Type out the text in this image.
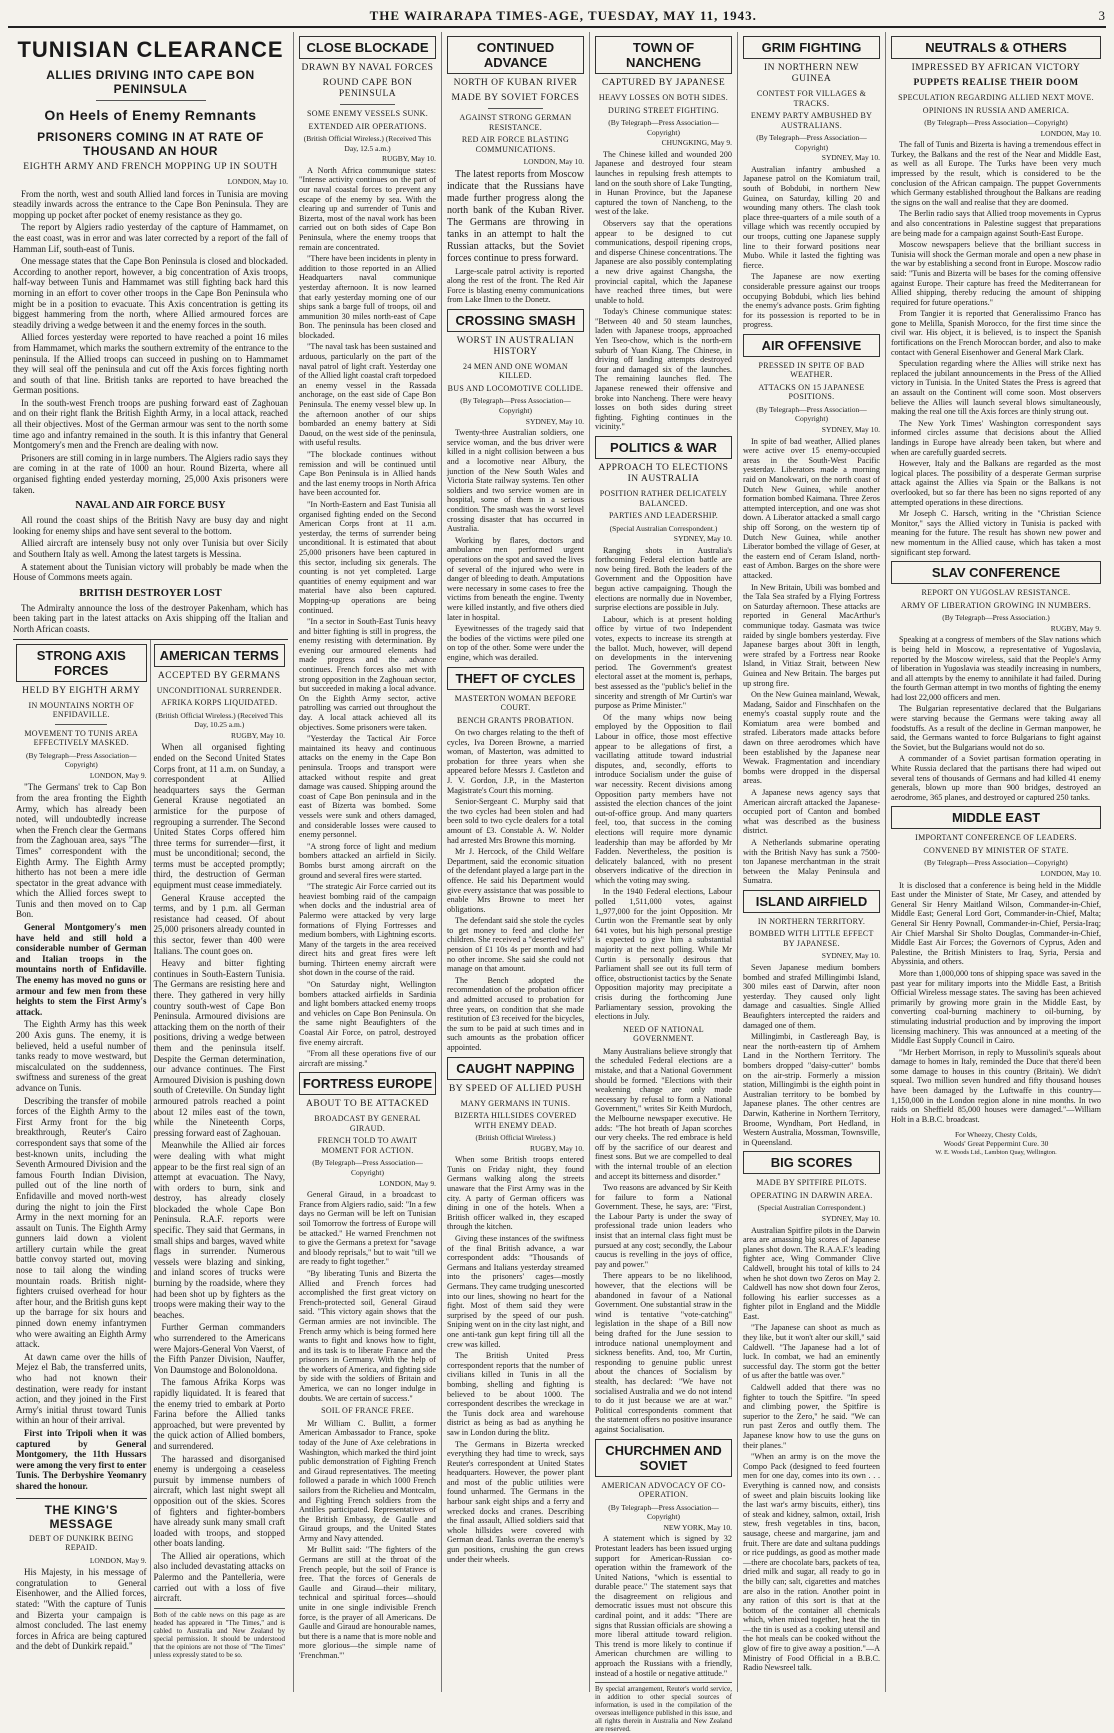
THE WAIRARAPA TIMES-AGE, TUESDAY, MAY 11, 1943.	3
TUNISIAN CLEARANCE
ALLIES DRIVING INTO CAPE BON PENINSULA
On Heels of Enemy Remnants
PRISONERS COMING IN AT RATE OF THOUSAND AN HOUR
EIGHTH ARMY AND FRENCH MOPPING UP IN SOUTH
LONDON, May 10.

From the north, west and south Allied land forces in Tunisia are moving steadily inwards across the entrance to the Cape Bon Peninsula. They are mopping up pocket after pocket of enemy resistance as they go.

The report by Algiers radio yesterday of the capture of Hammamet, on the east coast, was in error and was later corrected by a report of the fall of Hamman Lif, south-east of Tunis.

One message states that the Cape Bon Peninsula is closed and blockaded. According to another report, however, a big concentration of Axis troops, half-way between Tunis and Hammamet was still fighting back hard this morning in an effort to cover other troops in the Cape Bon Peninsula who might be in a position to evacuate. This Axis concentration is getting its biggest hammering from the north, where Allied armoured forces are steadily driving a wedge between it and the enemy forces in the south.

Allied forces yesterday were reported to have reached a point 16 miles from Hammamet, which marks the southern extremity of the entrance to the peninsula. If the Allied troops can succeed in pushing on to Hammamet they will seal off the peninsula and cut off the Axis forces fighting north and south of that line. British tanks are reported to have breached the German positions.

In the south-west French troops are pushing forward east of Zaghouan and on their right flank the British Eighth Army, in a local attack, reached all their objectives. Most of the German armour was sent to the north some time ago and infantry remained in the south. It is this infantry that General Montgomery's men and the French are dealing with now.

Prisoners are still coming in in large numbers. The Algiers radio says they are coming in at the rate of 1000 an hour. Round Bizerta, where all organised fighting ended yesterday morning, 25,000 Axis prisoners were taken.

NAVAL AND AIR FORCE BUSY

All round the coast ships of the British Navy are busy day and night looking for enemy ships and have sent several to the bottom.

Allied aircraft are intensely busy not only over Tunisia but over Sicily and Southern Italy as well. Among the latest targets is Messina.

A statement about the Tunisian victory will probably be made when the House of Commons meets again.

BRITISH DESTROYER LOST

The Admiralty announce the loss of the destroyer Pakenham, which has been taking part in the latest attacks on Axis shipping off the Italian and North African coasts.

STRONG AXIS FORCES
HELD BY EIGHTH ARMY
IN MOUNTAINS NORTH OF ENFIDAVILLE.
MOVEMENT TO TUNIS AREA EFFECTIVELY MASKED.
(By Telegraph—Press Association—Copyright)
LONDON, May 9.

"The Germans' trek to Cap Bon from the area fronting the Eighth Army, which has already been noted, will undoubtedly increase when the French clear the Germans from the Zaghouan area, says "The Times" correspondent with the Eighth Army. The Eighth Army hitherto has not been a mere idle spectator in the great advance with which the Allied forces swept to Tunis and then moved on to Cap Bon.

General Montgomery's men have held and still hold a considerable number of German and Italian troops in the mountains north of Enfidaville. The enemy has moved no guns or armour and few men from these heights to stem the First Army's attack.

The Eighth Army has this week 200 Axis guns. The enemy, it is believed, held a useful number of tanks ready to move westward, but miscalculated on the suddenness, swiftness and sureness of the great advance on Tunis.

Describing the transfer of mobile forces of the Eighth Army to the First Army front for the big breakthrough, Reuter's Cairo correspondent says that some of the best-known units, including the Seventh Armoured Division and the famous Fourth Indian Division, pulled out of the line north of Enfidaville and moved north-west during the night to join the First Army in the next morning for an assault on Tunis. The Eighth Army gunners laid down a violent artillery curtain while the great battle convoy started out, moving nose to tail along the winding mountain roads. British night-fighters cruised overhead for hour after hour, and the British guns kept up the barrage for six hours and pinned down enemy infantrymen who were awaiting an Eighth Army attack.

At dawn came over the hills of Mejez el Bab, the transferred units, who had not known their destination, were ready for instant action, and they joined in the First Army's initial thrust toward Tunis within an hour of their arrival.

First into Tripoli when it was captured by General Montgomery, the 11th Hussars were among the very first to enter Tunis. The Derbyshire Yeomanry shared the honour.

THE KING'S MESSAGE
DEBT OF DUNKIRK BEING REPAID.
LONDON, May 9.

His Majesty, in his message of congratulation to General Eisenhower, and the Allied forces, stated: "With the capture of Tunis and Bizerta your campaign is almost concluded. The last enemy forces in Africa are being captured and the debt of Dunkirk repaid."

AMERICAN TERMS
ACCEPTED BY GERMANS
UNCONDITIONAL SURRENDER.
AFRIKA KORPS LIQUIDATED.
(British Official Wireless.) (Received This Day, 10.25 a.m.)
RUGBY, May 10.

When all organised fighting ended on the Second United States Corps front, at 11 a.m. on Sunday, a correspondent at Allied headquarters says the German General Krause negotiated an armistice for the purpose of regrouping a surrender. The Second United States Corps offered him three terms for surrender—first, it must be unconditional; second, the terms must be accepted promptly; third, the destruction of German equipment must cease immediately.

General Krause accepted the terms, and by 1 p.m. all German resistance had ceased. Of about 25,000 prisoners already counted in this sector, fewer than 400 were Italians. The count goes on.

Heavy and bitter fighting continues in South-Eastern Tunisia. The Germans are resisting here and there. They gathered in very hilly country south-west of Cape Bon Peninsula. Armoured divisions are attacking them on the north of their positions, driving a wedge between them and the peninsula itself. Despite the German determination, our advance continues. The First Armoured Division is pushing down south of Creteville. On Sunday light armoured patrols reached a point about 12 miles east of the town, while the Nineteenth Corps, pressing forward east of Zaghouan.

Meanwhile the Allied air forces were dealing with what might appear to be the first real sign of an attempt at evacuation. The Navy, with orders to burn, sink and destroy, has already closely blockaded the whole Cape Bon Peninsula. R.A.F. reports were specific. They said that Germans, in small ships and barges, waved white flags in surrender. Numerous vessels were blazing and sinking, and inland scores of trucks were burning by the roadside, where they had been shot up by fighters as the troops were making their way to the beaches.

Further German commanders who surrendered to the Americans were Majors-General Von Vaerst, of the Fifth Panzer Division, Nauffer, Von Daumstoge and Bolonoldona.

The famous Afrika Korps was rapidly liquidated. It is feared that the enemy tried to embark at Porto Farina before the Allied tanks approached, but were prevented by the quick action of Allied bombers, and surrendered.

The harassed and disorganised enemy is undergoing a ceaseless pursuit by immense numbers of aircraft, which last night swept all opposition out of the skies. Scores of fighters and fighter-bombers have already sunk many small craft loaded with troops, and stopped other boats landing.

The Allied air operations, which also included devastating attacks on Palermo and the Pantelleria, were carried out with a loss of five aircraft.

Both of the cable news on this page as are headed has appeared in "The Times," and is cabled to Australia and New Zealand by special permission. It should be understood that the opinions are not those of "The Times" unless expressly stated to be so.
CLOSE BLOCKADE
DRAWN BY NAVAL FORCES
ROUND CAPE BON PENINSULA
SOME ENEMY VESSELS SUNK.
EXTENDED AIR OPERATIONS.
(British Official Wireless.) (Received This Day, 12.5 a.m.)
RUGBY, May 10.

A North Africa communique states: "Intense activity continues on the part of our naval coastal forces to prevent any escape of the enemy by sea. With the clearing up and surrender of Tunis and Bizerta, most of the naval work has been carried out on both sides of Cape Bon Peninsula, where the enemy troops that remain are concentrated.

"There have been incidents in plenty in addition to those reported in an Allied Headquarters naval communique yesterday afternoon. It is now learned that early yesterday morning one of our ships sank a barge full of troops, oil and ammunition 30 miles north-east of Cape Bon. The peninsula has been closed and blockaded.

"The naval task has been sustained and arduous, particularly on the part of the naval patrol of light craft. Yesterday one of the Allied light coastal craft torpedoed an enemy vessel in the Rassada anchorage, on the east side of Cape Bon Peninsula. The enemy vessel blew up. In the afternoon another of our ships bombarded an enemy battery at Sidi Daoud, on the west side of the peninsula, with useful results.

"The blockade continues without remission and will be continued until Cape Bon Peninsula is in Allied hands and the last enemy troops in North Africa have been accounted for.

"In North-Eastern and East Tunisia all organised fighting ended on the Second American Corps front at 11 a.m. yesterday, the terms of surrender being unconditional. It is estimated that about 25,000 prisoners have been captured in this sector, including six generals. The counting is not yet completed. Large quantities of enemy equipment and war material have also been captured. Mopping-up operations are being continued.

"In a sector in South-East Tunis heavy and bitter fighting is still in progress, the enemy resisting with determination. By evening our armoured elements had made progress and the advance continues. French forces also met with strong opposition in the Zaghouan sector, but succeeded in making a local advance. On the Eighth Army sector, active patrolling was carried out throughout the day. A local attack achieved all its objectives. Some prisoners were taken.

"Yesterday the Tactical Air Force maintained its heavy and continuous attacks on the enemy in the Cape Bon peninsula. Troops and transport were attacked without respite and great damage was caused. Shipping around the coast of Cape Bon peninsula and in the east of Bizerta was bombed. Some vessels were sunk and others damaged, and considerable losses were caused to enemy personnel.

"A strong force of light and medium bombers attacked an airfield in Sicily. Bombs burst among aircraft on the ground and several fires were started.

"The strategic Air Force carried out its heaviest bombing raid of the campaign when docks and the industrial area of Palermo were attacked by very large formations of Flying Fortresses and medium bombers, with Lightning escorts. Many of the targets in the area received direct hits and great fires were left burning. Thirteen enemy aircraft were shot down in the course of the raid.

"On Saturday night, Wellington bombers attacked airfields in Sardinia and light bombers attacked enemy troops and vehicles on Cape Bon Peninsula. On the same night Beaufighters of the Coastal Air Force, on patrol, destroyed five enemy aircraft.

"From all these operations five of our aircraft are missing."

FORTRESS EUROPE
ABOUT TO BE ATTACKED
BROADCAST BY GENERAL GIRAUD.
FRENCH TOLD TO AWAIT MOMENT FOR ACTION.
(By Telegraph—Press Association—Copyright)
LONDON, May 9.

General Giraud, in a broadcast to France from Algiers radio, said: "In a few days no German will be left on Tunisian soil Tomorrow the fortress of Europe will be attacked." He warned Frenchmen not to give the Germans a pretext for "savage and bloody reprisals," but to wait "till we are ready to fight together."

"By liberating Tunis and Bizerta the Allied and French forces had accomplished the first great victory on French-protected soil, General Giraud said. "This victory again shows that the German armies are not invincible. The French army which is being formed here wants to fight and knows how to fight, and its task is to liberate France and the prisoners in Germany. With the help of the workers of America, and fighting side by side with the soldiers of Britain and America, we can no longer indulge in doubts. We are certain of success."

SOIL OF FRANCE FREE.

Mr William C. Bullitt, a former American Ambassador to France, spoke today of the June of Axe celebrations in Washington, which marked the third joint public demonstration of Fighting French and Giraud representatives. The meeting followed a parade in which 1000 French sailors from the Richelieu and Montcalm, and Fighting French soldiers from the Antilles participated. Representatives of the British Embassy, de Gaulle and Giraud groups, and the United States Army and Navy attended.

Mr Bullitt said: "The fighters of the Germans are still at the throat of the French people, but the soil of France is free. That the forces of Generals de Gaulle and Giraud—their military, technical and spiritual forces—should unite in one single indivisible French force, is the prayer of all Americans. De Gaulle and Giraud are honourable names, but there is a name that is more noble and more glorious—the simple name of 'Frenchman.'"

CONTINUED ADVANCE
NORTH OF KUBAN RIVER
MADE BY SOVIET FORCES
AGAINST STRONG GERMAN RESISTANCE.
RED AIR FORCE BLASTING COMMUNICATIONS.
LONDON, May 10.

The latest reports from Moscow indicate that the Russians have made further progress along the north bank of the Kuban River. The Germans are throwing in tanks in an attempt to halt the Russian attacks, but the Soviet forces continue to press forward.

Large-scale patrol activity is reported along the rest of the front. The Red Air Force is blasting enemy communications from Lake Ilmen to the Donetz.

CROSSING SMASH
WORST IN AUSTRALIAN HISTORY
24 MEN AND ONE WOMAN KILLED.
BUS AND LOCOMOTIVE COLLIDE.
(By Telegraph—Press Association—Copyright)
SYDNEY, May 10.

Twenty-three Australian soldiers, one service woman, and the bus driver were killed in a night collision between a bus and a locomotive near Albury, the junction of the New South Wales and Victoria State railway systems. Ten other soldiers and two service women are in hospital, some of them in a serious condition. The smash was the worst level crossing disaster that has occurred in Australia.

Working by flares, doctors and ambulance men performed urgent operations on the spot and saved the lives of several of the injured who were in danger of bleeding to death. Amputations were necessary in some cases to free the victims from beneath the engine. Twenty were killed instantly, and five others died later in hospital.

Eyewitnesses of the tragedy said that the bodies of the victims were piled one on top of the other. Some were under the engine, which was derailed.

THEFT OF CYCLES
MASTERTON WOMAN BEFORE COURT.
BENCH GRANTS PROBATION.

On two charges relating to the theft of cycles, Iva Doreen Browne, a married woman, of Masterton, was admitted to probation for three years when she appeared before Messrs J. Castleton and J. V. Gordon, J.P., in the Masterton Magistrate's Court this morning.

Senior-Sergeant C. Murphy said that the two cycles had been stolen and had been sold to two cycle dealers for a total amount of £3. Constable A. W. Nolder had arrested Mrs Browne this morning.

Mr J. Hercock, of the Child Welfare Department, said the economic situation of the defendant played a large part in the offence. He said his Department would give every assistance that was possible to enable Mrs Browne to meet her obligations.

The defendant said she stole the cycles to get money to feed and clothe her children. She received a "deserted wife's" pension of £1 10s 4s per month and had no other income. She said she could not manage on that amount.

The Bench adopted the recommendation of the probation officer and admitted accused to probation for three years, on condition that she made restitution of £3 received for the bicycles, the sum to be paid at such times and in such amounts as the probation officer appointed.

CAUGHT NAPPING
BY SPEED OF ALLIED PUSH
MANY GERMANS IN TUNIS.
BIZERTA HILLSIDES COVERED WITH ENEMY DEAD.
(British Official Wireless.)
RUGBY, May 10.

When some British troops entered Tunis on Friday night, they found Germans walking along the streets unaware that the First Army was in the city. A party of German officers was dining in one of the hotels. When a British officer walked in, they escaped through the kitchen.

Giving these instances of the swiftness of the final British advance, a war correspondent adds: "Thousands of Germans and Italians yesterday streamed into the prisoners' cages—mostly Germans. They came trudging unescorted into our lines, showing no heart for the fight. Most of them said they were surprised by the speed of our push. Sniping went on in the city last night, and one anti-tank gun kept firing till all the crew was killed.

The British United Press correspondent reports that the number of civilians killed in Tunis in all the bombing, shelling and fighting is believed to be about 1000. The correspondent describes the wreckage in the Tunis dock area and warehouse district as being as bad as anything he saw in London during the blitz.

The Germans in Bizerta wrecked everything they had time to wreck, says Reuter's correspondent at United States headquarters. However, the power plant and most of the public utilities were found unharmed. The Germans in the harbour sank eight ships and a ferry and wrecked docks and cranes. Describing the final assault, Allied soldiers said that whole hillsides were covered with German dead. Tanks overran the enemy's gun positions, crushing the gun crews under their wheels.

TOWN OF NANCHENG
CAPTURED BY JAPANESE
HEAVY LOSSES ON BOTH SIDES.
DURING STREET FIGHTING.
(By Telegraph—Press Association—Copyright)
CHUNGKING, May 9.

The Chinese killed and wounded 200 Japanese and destroyed four steam launches in repulsing fresh attempts to land on the south shore of Lake Tungting, in Hunan Province, but the Japanese captured the town of Nancheng, to the west of the lake.

Observers say that the operations appear to be designed to cut communications, despoil ripening crops, and disperse Chinese concentrations. The Japanese are also possibly contemplating a new drive against Changsha, the provincial capital, which the Japanese have reached three times, but were unable to hold.

Today's Chinese communique states: "Between 40 and 50 steam launches, laden with Japanese troops, approached Yen Tseo-chow, which is the north-ern suburb of Yuan Kiang. The Chinese, in driving off landing attempts destroyed four and damaged six of the launches. The remaining launches fled. The Japanese renewed their offensive and broke into Nancheng. There were heavy losses on both sides during street fighting. Fighting continues in the vicinity."

POLITICS & WAR
APPROACH TO ELECTIONS IN AUSTRALIA
POSITION RATHER DELICATELY BALANCED.
PARTIES AND LEADERSHIP.
(Special Australian Correspondent.)
SYDNEY, May 10.

Ranging shots in Australia's forthcoming Federal election battle are now being fired. Both the leaders of the Government and the Opposition have begun active campaigning. Though the elections are normally due in November, surprise elections are possible in July.

Labour, which is at present holding office by virtue of two Independent votes, expects to increase its strength at the ballot. Much, however, will depend on developments in the intervening period. The Government's greatest electoral asset at the moment is, perhaps, best assessed as the "public's belief in the sincerity and strength of Mr Curtin's war purpose as Prime Minister."

Of the many whips now being employed by the Opposition to flail Labour in office, those most effective appear to be allegations of first, a vacillating attitude toward industrial disputes, and, secondly, efforts to introduce Socialism under the guise of war necessity. Recent divisions among Opposition party members have not assisted the election chances of the joint out-of-office group. And many quarters feel, too, that success in the coming elections will require more dynamic leadership than may be afforded by Mr Fadden. Nevertheless, the position is delicately balanced, with no present observers indicative of the direction in which the voting may swing.

In the 1940 Federal elections, Labour polled 1,511,000 votes, against 1,,977,000 for the joint Opposition. Mr Curtin won the Fremantle seat by only 641 votes, but his high personal prestige is expected to give him a substantial majority at the next polling. While Mr Curtin is personally desirous that Parliament shall see out its full term of office, obstructionist tactics by the Senate Opposition majority may precipitate a crisis during the forthcoming June Parliamentary session, provoking the elections in July.

NEED OF NATIONAL GOVERNMENT.

Many Australians believe strongly that the scheduled Federal elections are a mistake, and that a National Government should be formed. "Elections with their weakening change are only made necessary by refusal to form a National Government," writes Sir Keith Murdoch, the Melbourne newspaper executive. He adds: "The hot breath of Japan scorches our very cheeks. The red embrace is held off by the sacrifice of our dearest and finest sons. But we are compelled to deal with the internal trouble of an election and accept its bitterness and disorder."

Two reasons are advanced by Sir Keith for failure to form a National Government. These, he says, are: "First, the Labour Party is under the sway of professional trade union leaders who insist that an internal class fight must be pursued at any cost; secondly, the Labour caucus is revelling in the joys of office, pay and power."

There appears to be no likelihood, however, that the elections will be abandoned in favour of a National Government. One substantial straw in the wind is tentative "vote-catching" legislation in the shape of a Bill now being drafted for the June session to introduce national unemployment and sickness benefits. And, too, Mr Curtin, responding to genuine public unrest about the chances of Socialism by stealth, has declared: "We have not socialised Australia and we do not intend to do it just because we are at war." Political correspondents comment that the statement offers no positive insurance against Socialisation.

CHURCHMEN AND SOVIET
AMERICAN ADVOCACY OF CO-OPERATION.
(By Telegraph—Press Association—Copyright)
NEW YORK, May 10.

A statement which is signed by 32 Protestant leaders has been issued urging support for American-Russian co-operation within the framework of the United Nations, "which is essential to durable peace." The statement says that the disagreement on religious and democratic issues must not obscure this cardinal point, and it adds: "There are signs that Russian officials are showing a more liberal attitude toward religion. This trend is more likely to continue if American churchmen are willing to approach the Russians with a friendly, instead of a hostile or negative attitude."

By special arrangement, Reuter's world service, in addition to other special sources of information, is used in the compilation of the overseas intelligence published in this issue, and all rights therein in Australia and New Zealand are reserved.
GRIM FIGHTING
IN NORTHERN NEW GUINEA
CONTEST FOR VILLAGES & TRACKS.
ENEMY PARTY AMBUSHED BY AUSTRALIANS.
(By Telegraph—Press Association—Copyright)
SYDNEY, May 10.

Australian infantry ambushed a Japanese patrol on the Komiatum trail, south of Bobdubi, in northern New Guinea, on Saturday, killing 20 and wounding many others. The clash took place three-quarters of a mile south of a village which was recently occupied by our troops, cutting one Japanese supply line to their forward positions near Mubo. While it lasted the fighting was fierce.

The Japanese are now exerting considerable pressure against our troops occupying Bobdubi, which lies behind the enemy's advance posts. Grim fighting for its possession is reported to be in progress.

AIR OFFENSIVE
PRESSED IN SPITE OF BAD WEATHER.
ATTACKS ON 15 JAPANESE POSITIONS.
(By Telegraph—Press Association—Copyright)
SYDNEY, May 10.

In spite of bad weather, Allied planes were active over 15 enemy-occupied areas in the South-West Pacific yesterday. Liberators made a morning raid on Manokwari, on the north coast of Dutch New Guinea, while another formation bombed Kaimana. Three Zeros attempted interception, and one was shot down. A Liberator attacked a small cargo ship off Sorong, on the western tip of Dutch New Guinea, while another Liberator bombed the village of Geser, at the eastern end of Ceram Island, north-east of Ambon. Barges on the shore were attacked.

In New Britain, Ubili was bombed and the Tala Sea strafed by a Flying Fortress on Saturday afternoon. These attacks are reported in General MacArthur's communique today. Gasmata was twice raided by single bombers yesterday. Five Japanese barges about 30ft in length, were strafed by a Fortress near Rooke Island, in Vitiaz Strait, between New Guinea and New Britain. The barges put up strong fire.

On the New Guinea mainland, Wewak, Madang, Saidor and Finschhafen on the enemy's coastal supply route and the Komiatum area were bombed and strafed. Liberators made attacks before dawn on three aerodromes which have been established by the Japanese near Wewak. Fragmentation and incendiary bombs were dropped in the dispersal areas.

A Japanese news agency says that American aircraft attacked the Japanese-occupied port of Canton and bombed what was described as the business district.

A Netherlands submarine operating with the British Navy has sunk a 7500-ton Japanese merchantman in the strait between the Malay Peninsula and Sumatra.

ISLAND AIRFIELD
IN NORTHERN TERRITORY.
BOMBED WITH LITTLE EFFECT BY JAPANESE.
SYDNEY, May 10.

Seven Japanese medium bombers bombed and strafed Millingimbi Island, 300 miles east of Darwin, after noon yesterday. They caused only light damage and casualties. Single Allied Beaufighters intercepted the raiders and damaged one of them.

Millingimbi, in Castlereagh Bay, is near the north-eastern tip of Arnhem Land in the Northern Territory. The bombers dropped "daisy-cutter" bombs on the air-strip. Formerly a mission station, Millingimbi is the eighth point in Australian territory to be bombed by Japanese planes. The other centres are Darwin, Katherine in Northern Territory, Broome, Wyndham, Port Hedland, in Western Australia, Mossman, Townsville, in Queensland.

BIG SCORES
MADE BY SPITFIRE PILOTS.
OPERATING IN DARWIN AREA.
(Special Australian Correspondent.)
SYDNEY, May 10.

Australian Spitfire pilots in the Darwin area are amassing big scores of Japanese planes shot down. The R.A.A.F.'s leading fighter ace, Wing Commander Clive Caldwell, brought his total of kills to 24 when he shot down two Zeros on May 2. Caldwell has now shot down four Zeros, following his earlier successes as a fighter pilot in England and the Middle East.

"The Japanese can shoot as much as they like, but it won't alter our skill," said Caldwell. "The Japanese had a lot of luck. In combat, we had an eminently successful day. The storm got the better of us after the battle was over."

Caldwell added that there was no fighter to touch the Spitfire. "In speed and climbing power, the Spitfire is superior to the Zero," he said. "We can run past Zeros and outfly them. The Japanese know how to use the guns on their planes."

"When an army is on the move the Compo Pack (designed to feed fourteen men for one day, comes into its own . . . Everything is canned now, and consists of sweet and plain biscuits looking like the last war's army biscuits, either), tins of steak and kidney, salmon, oxtail, Irish stew, fresh vegetables in tins, bacon, sausage, cheese and margarine, jam and fruit. There are date and sultana puddings or rice puddings, as good as mother made—there are chocolate bars, packets of tea, dried milk and sugar, all ready to go in the billy can; salt, cigarettes and matches are also in the ration. Another point in any ration of this sort is that at the bottom of the container all chemicals which, when mixed together, heat the tin—the tin is used as a cooking utensil and the hot meals can be cooked without the glow of fire to give away a position."—A Ministry of Food Official in a B.B.C. Radio Newsreel talk.

NEUTRALS & OTHERS
IMPRESSED BY AFRICAN VICTORY
PUPPETS REALISE THEIR DOOM
SPECULATION REGARDING ALLIED NEXT MOVE.
OPINIONS IN RUSSIA AND AMERICA.
(By Telegraph—Press Association—Copyright)
LONDON, May 10.

The fall of Tunis and Bizerta is having a tremendous effect in Turkey, the Balkans and the rest of the Near and Middle East, as well as all Europe. The Turks have been very much impressed by the result, which is considered to be the conclusion of the African campaign. The puppet Governments which Germany established throughout the Balkans are reading the signs on the wall and realise that they are doomed.

The Berlin radio says that Allied troop movements in Cyprus and also concentrations in Palestine suggest that preparations are being made for a campaign against South-East Europe.

Moscow newspapers believe that the brilliant success in Tunisia will shock the German morale and open a new phase in the war by establishing a second front in Europe. Moscow radio said: "Tunis and Bizerta will be bases for the coming offensive against Europe. Their capture has freed the Mediterranean for Allied shipping, thereby reducing the amount of shipping required for future operations."

From Tangier it is reported that Generalissimo Franco has gone to Melilla, Spanish Morocco, for the first time since the civil war. His object, it is believed, is to inspect the Spanish fortifications on the French Moroccan border, and also to make contact with General Eisenhower and General Mark Clark.

Speculation regarding where the Allies will strike next has replaced the jubilant announcements in the Press of the Allied victory in Tunisia. In the United States the Press is agreed that an assault on the Continent will come soon. Most observers believe the Allies will launch several blows simultaneously, making the real one till the Axis forces are thinly strung out.

The New York Times' Washington correspondent says informed circles assume that decisions about the Allied landings in Europe have already been taken, but where and when are carefully guarded secrets.

However, Italy and the Balkans are regarded as the most logical places. The possibility of a desperate German surprise attack against the Allies via Spain or the Balkans is not overlooked, but so far there has been no signs reported of any attempted operations in these directions.

Mr Joseph C. Harsch, writing in the "Christian Science Monitor," says the Allied victory in Tunisia is packed with meaning for the future. The result has shown new power and new momentum in the Allied cause, which has taken a most significant step forward.

SLAV CONFERENCE
REPORT ON YUGOSLAV RESISTANCE.
ARMY OF LIBERATION GROWING IN NUMBERS.
(By Telegraph—Press Association.)
RUGBY, May 9.

Speaking at a congress of members of the Slav nations which is being held in Moscow, a representative of Yugoslavia, reported by the Moscow wireless, said that the People's Army of liberation in Yugoslavia was steadily increasing in numbers, and all attempts by the enemy to annihilate it had failed. During the fourth German attempt in two months of fighting the enemy had lost 22,000 officers and men.

The Bulgarian representative declared that the Bulgarians were starving because the Germans were taking away all foodstuffs. As a result of the decline in German manpower, he said, the Germans wanted to force Bulgarians to fight against the Soviet, but the Bulgarians would not do so.

A commander of a Soviet partisan formation operating in White Russia declared that the partisans there had wiped out several tens of thousands of Germans and had killed 41 enemy generals, blown up more than 900 bridges, destroyed an aerodrome, 365 planes, and destroyed or captured 250 tanks.

MIDDLE EAST
IMPORTANT CONFERENCE OF LEADERS.
CONVENED BY MINISTER OF STATE.
(By Telegraph—Press Association—Copyright)
LONDON, May 10.

It is disclosed that a conference is being held in the Middle East under the Minister of State, Mr Casey, and attended by General Sir Henry Maitland Wilson, Commander-in-Chief, Middle East; General Lord Gort, Commander-in-Chief, Malta; General Sir Henry Pownall, Commander-in-Chief, Persia-Iraq; Air Chief Marshal Sir Sholto Douglas, Commander-in-Chief, Middle East Air Forces; the Governors of Cyprus, Aden and Palestine, the British Ministers to Iraq, Syria, Persia and Abyssinia, and others.

More than 1,000,000 tons of shipping space was saved in the past year for military imports into the Middle East, a British Official Wireless message states. The saving has been achieved primarily by growing more grain in the Middle East, by converting coal-burning machinery to oil-burning, by stimulating industrial production and by improving the import licensing machinery. This was announced at a meeting of the Middle East Supply Council in Cairo.

"Mr Herbert Morrison, in reply to Mussolini's squeals about damage to homes in Italy, reminded the Duce that there'd been some damage to houses in this country (Britain). We didn't squeal. Two million seven hundred and fifty thousand houses have been damaged by the Luftwaffe in this country—1,150,000 in the London region alone in nine months. In two raids on Sheffield 85,000 houses were damaged."—William Holt in a B.B.C. broadcast.

For Wheezy, Chesty Colds,
Woods' Great Peppermint Cure. 30
W. E. Woods Ltd., Lambton Quay, Wellington.
